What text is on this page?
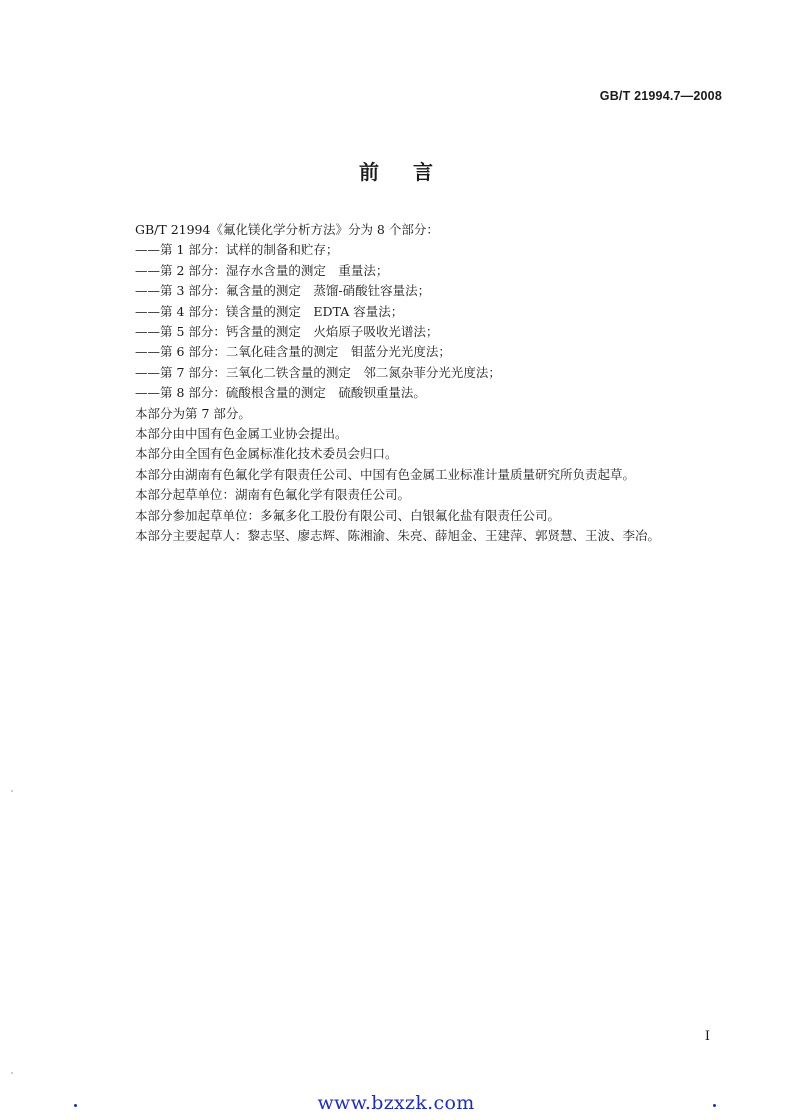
GB/T 21994.7—2008
前言

GB/T 21994《氟化镁化学分析方法》分为 8 个部分：

——第 1 部分：试样的制备和贮存；

——第 2 部分：湿存水含量的测定　重量法；

——第 3 部分：氟含量的测定　蒸馏-硝酸钍容量法；

——第 4 部分：镁含量的测定　EDTA 容量法；

——第 5 部分：钙含量的测定　火焰原子吸收光谱法；

——第 6 部分：二氧化硅含量的测定　钼蓝分光光度法；

——第 7 部分：三氧化二铁含量的测定　邻二氮杂菲分光光度法；

——第 8 部分：硫酸根含量的测定　硫酸钡重量法。

本部分为第 7 部分。

本部分由中国有色金属工业协会提出。

本部分由全国有色金属标准化技术委员会归口。

本部分由湖南有色氟化学有限责任公司、中国有色金属工业标准计量质量研究所负责起草。

本部分起草单位：湖南有色氟化学有限责任公司。

本部分参加起草单位：多氟多化工股份有限公司、白银氟化盐有限责任公司。

本部分主要起草人：黎志坚、廖志辉、陈湘渝、朱亮、薛旭金、王建萍、郭贤慧、王波、李冶。

I
www.bzxzk.com
